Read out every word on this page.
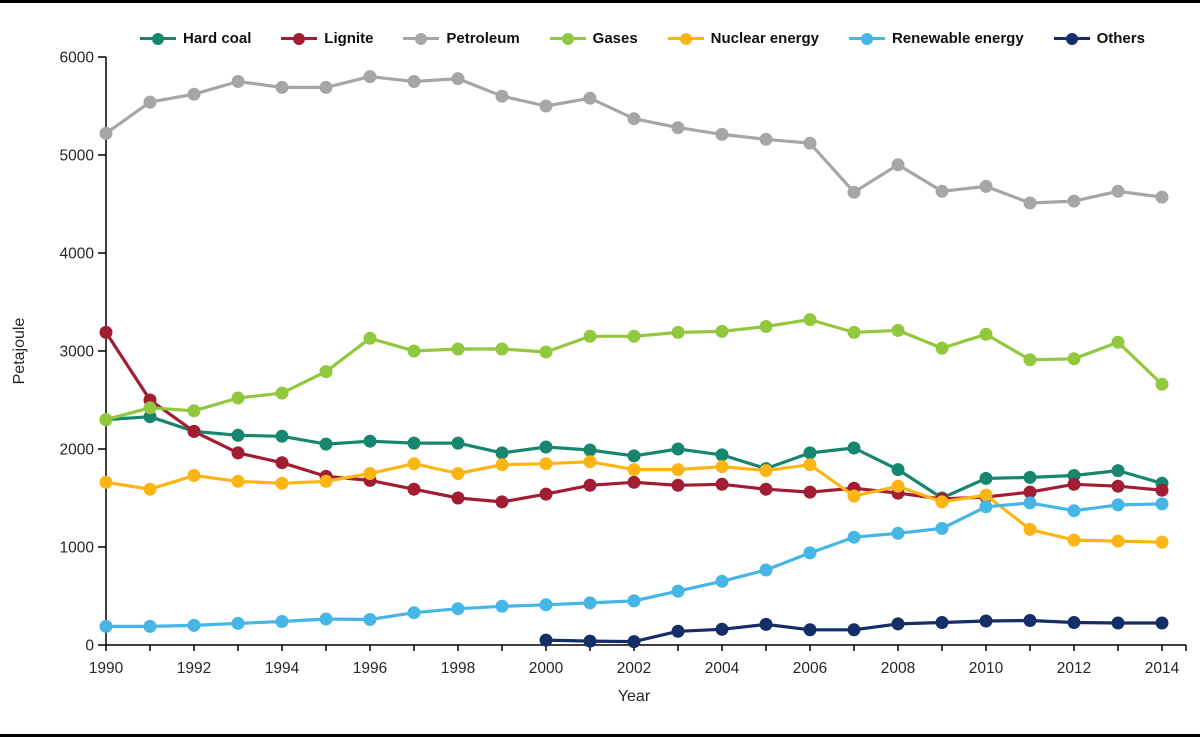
0
1000
2000
3000
4000
5000
6000
1990	1992	1994	1996	1998	2000	2002	2004	2006	2008	2010	2012	2014
Petajoule
Year
Hard coal	Lignite	Petroleum	Gases	Nuclear energy	Renewable energy	Others
